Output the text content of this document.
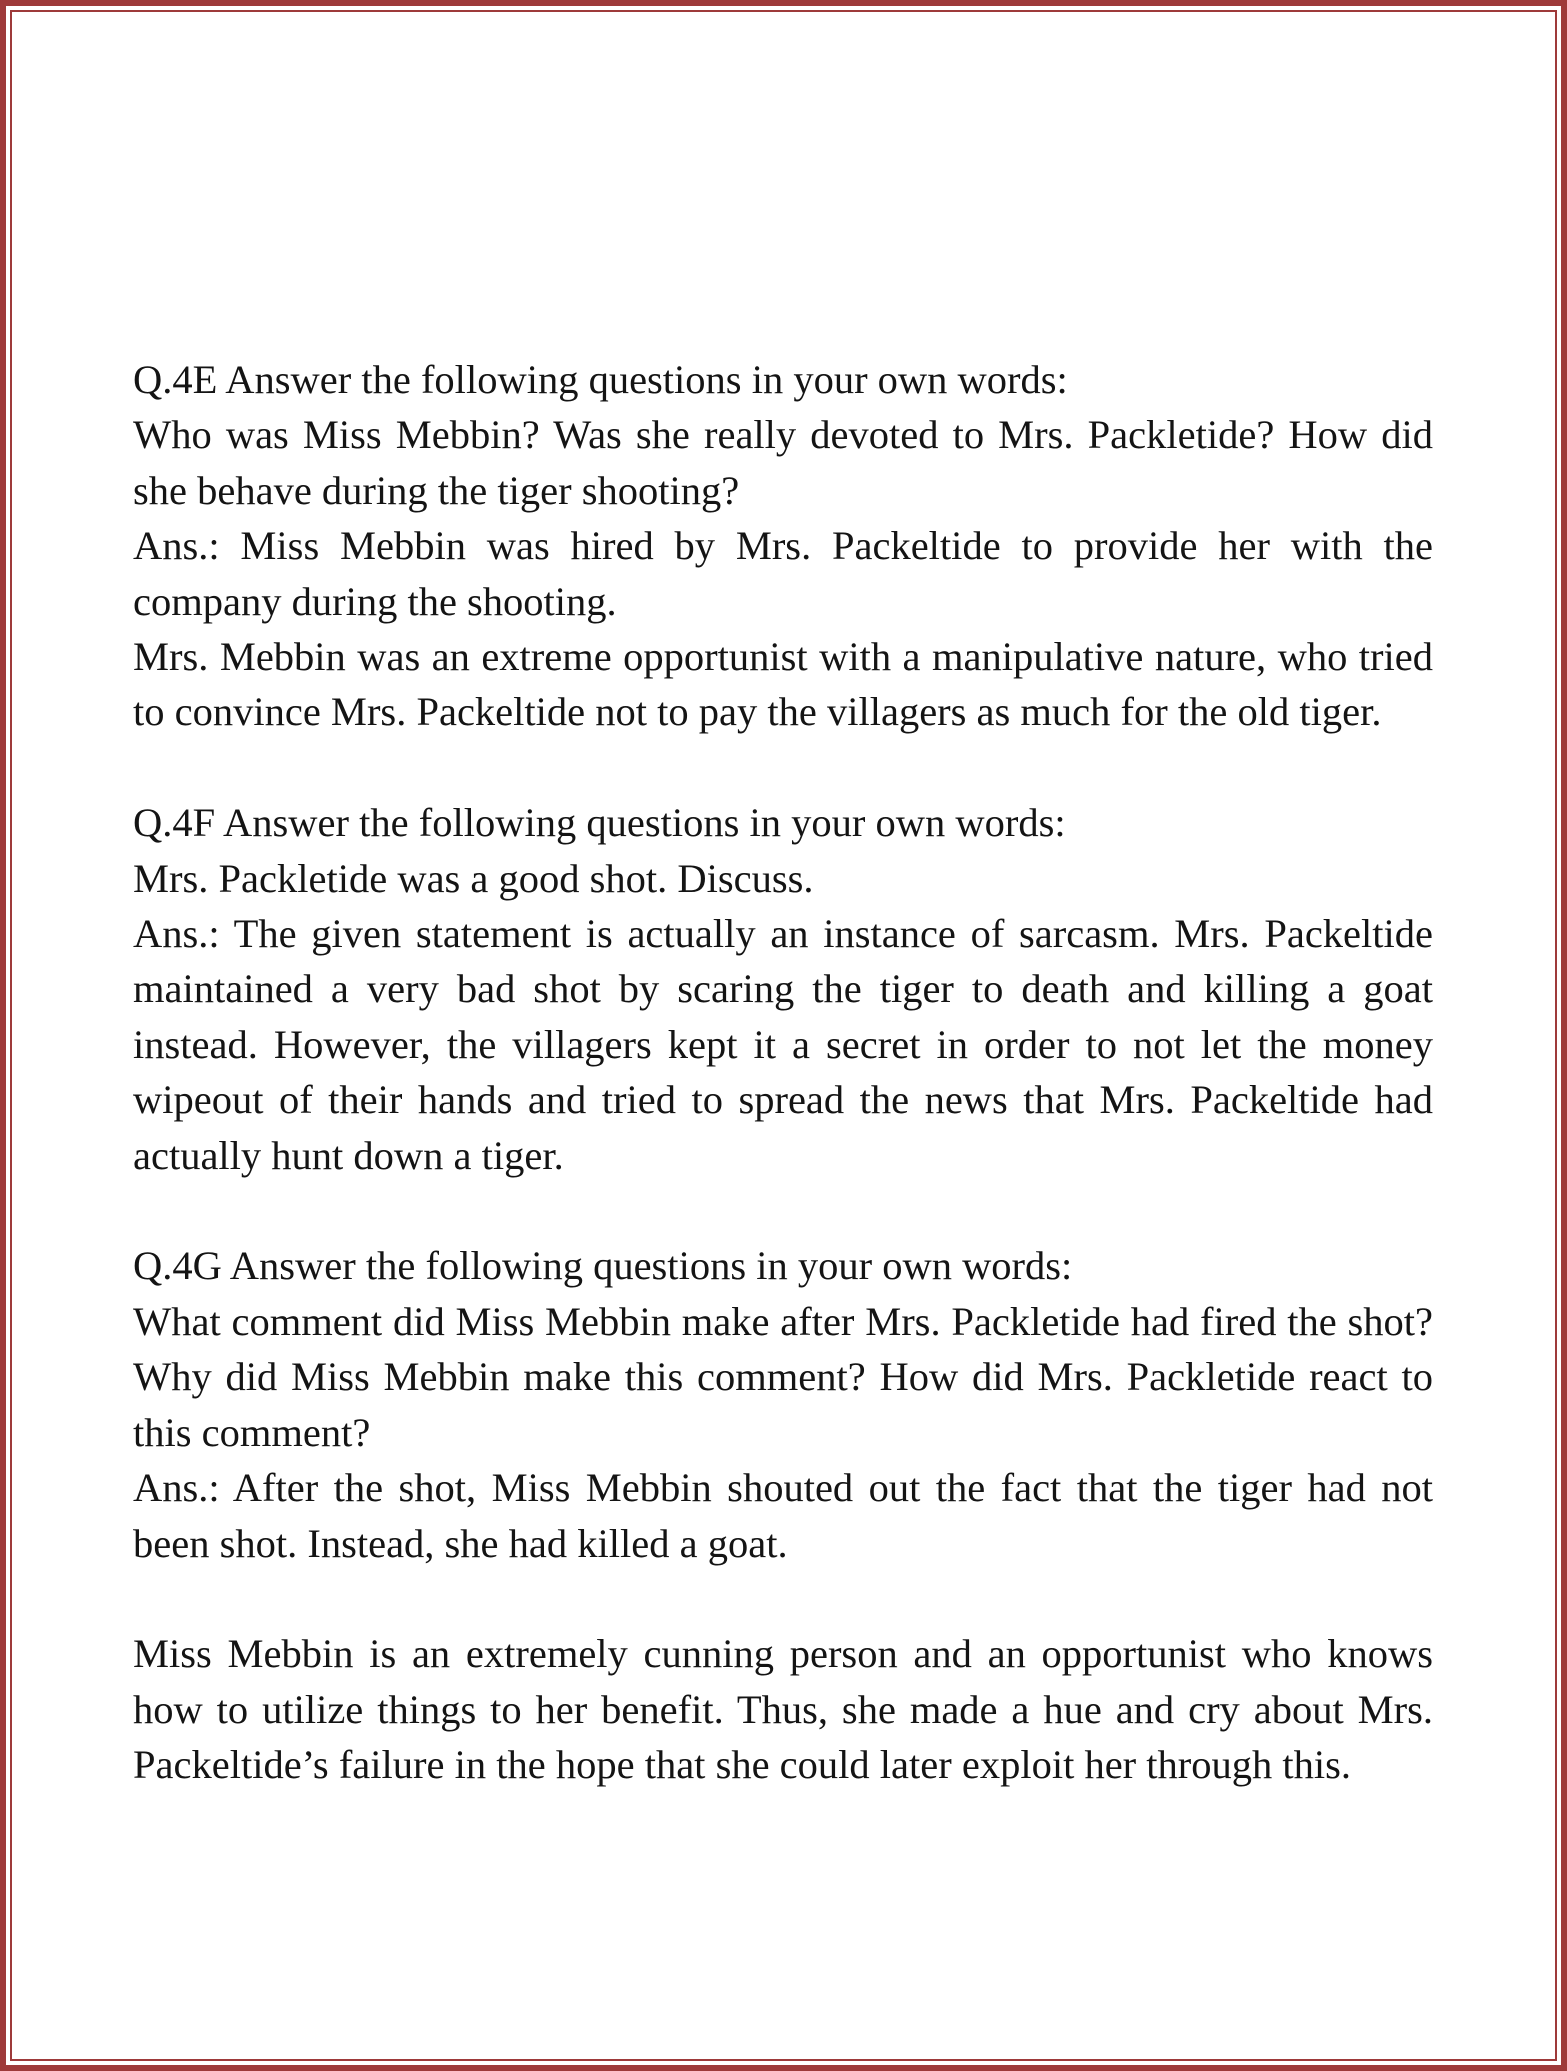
Q.4E Answer the following questions in your own words:

Who was Miss Mebbin? Was she really devoted to Mrs. Packletide? How did she behave during the tiger shooting?

Ans.: Miss Mebbin was hired by Mrs. Packeltide to provide her with the company during the shooting.

Mrs. Mebbin was an extreme opportunist with a manipulative nature, who tried to convince Mrs. Packeltide not to pay the villagers as much for the old tiger.

Q.4F Answer the following questions in your own words:

Mrs. Packletide was a good shot. Discuss.

Ans.: The given statement is actually an instance of sarcasm. Mrs. Packeltide maintained a very bad shot by scaring the tiger to death and killing a goat instead. However, the villagers kept it a secret in order to not let the money wipeout of their hands and tried to spread the news that Mrs. Packeltide had actually hunt down a tiger.

Q.4G Answer the following questions in your own words:

What comment did Miss Mebbin make after Mrs. Packletide had fired the shot? Why did Miss Mebbin make this comment? How did Mrs. Packletide react to this comment?

Ans.: After the shot, Miss Mebbin shouted out the fact that the tiger had not been shot. Instead, she had killed a goat.

Miss Mebbin is an extremely cunning person and an opportunist who knows how to utilize things to her benefit. Thus, she made a hue and cry about Mrs. Packeltide’s failure in the hope that she could later exploit her through this.
